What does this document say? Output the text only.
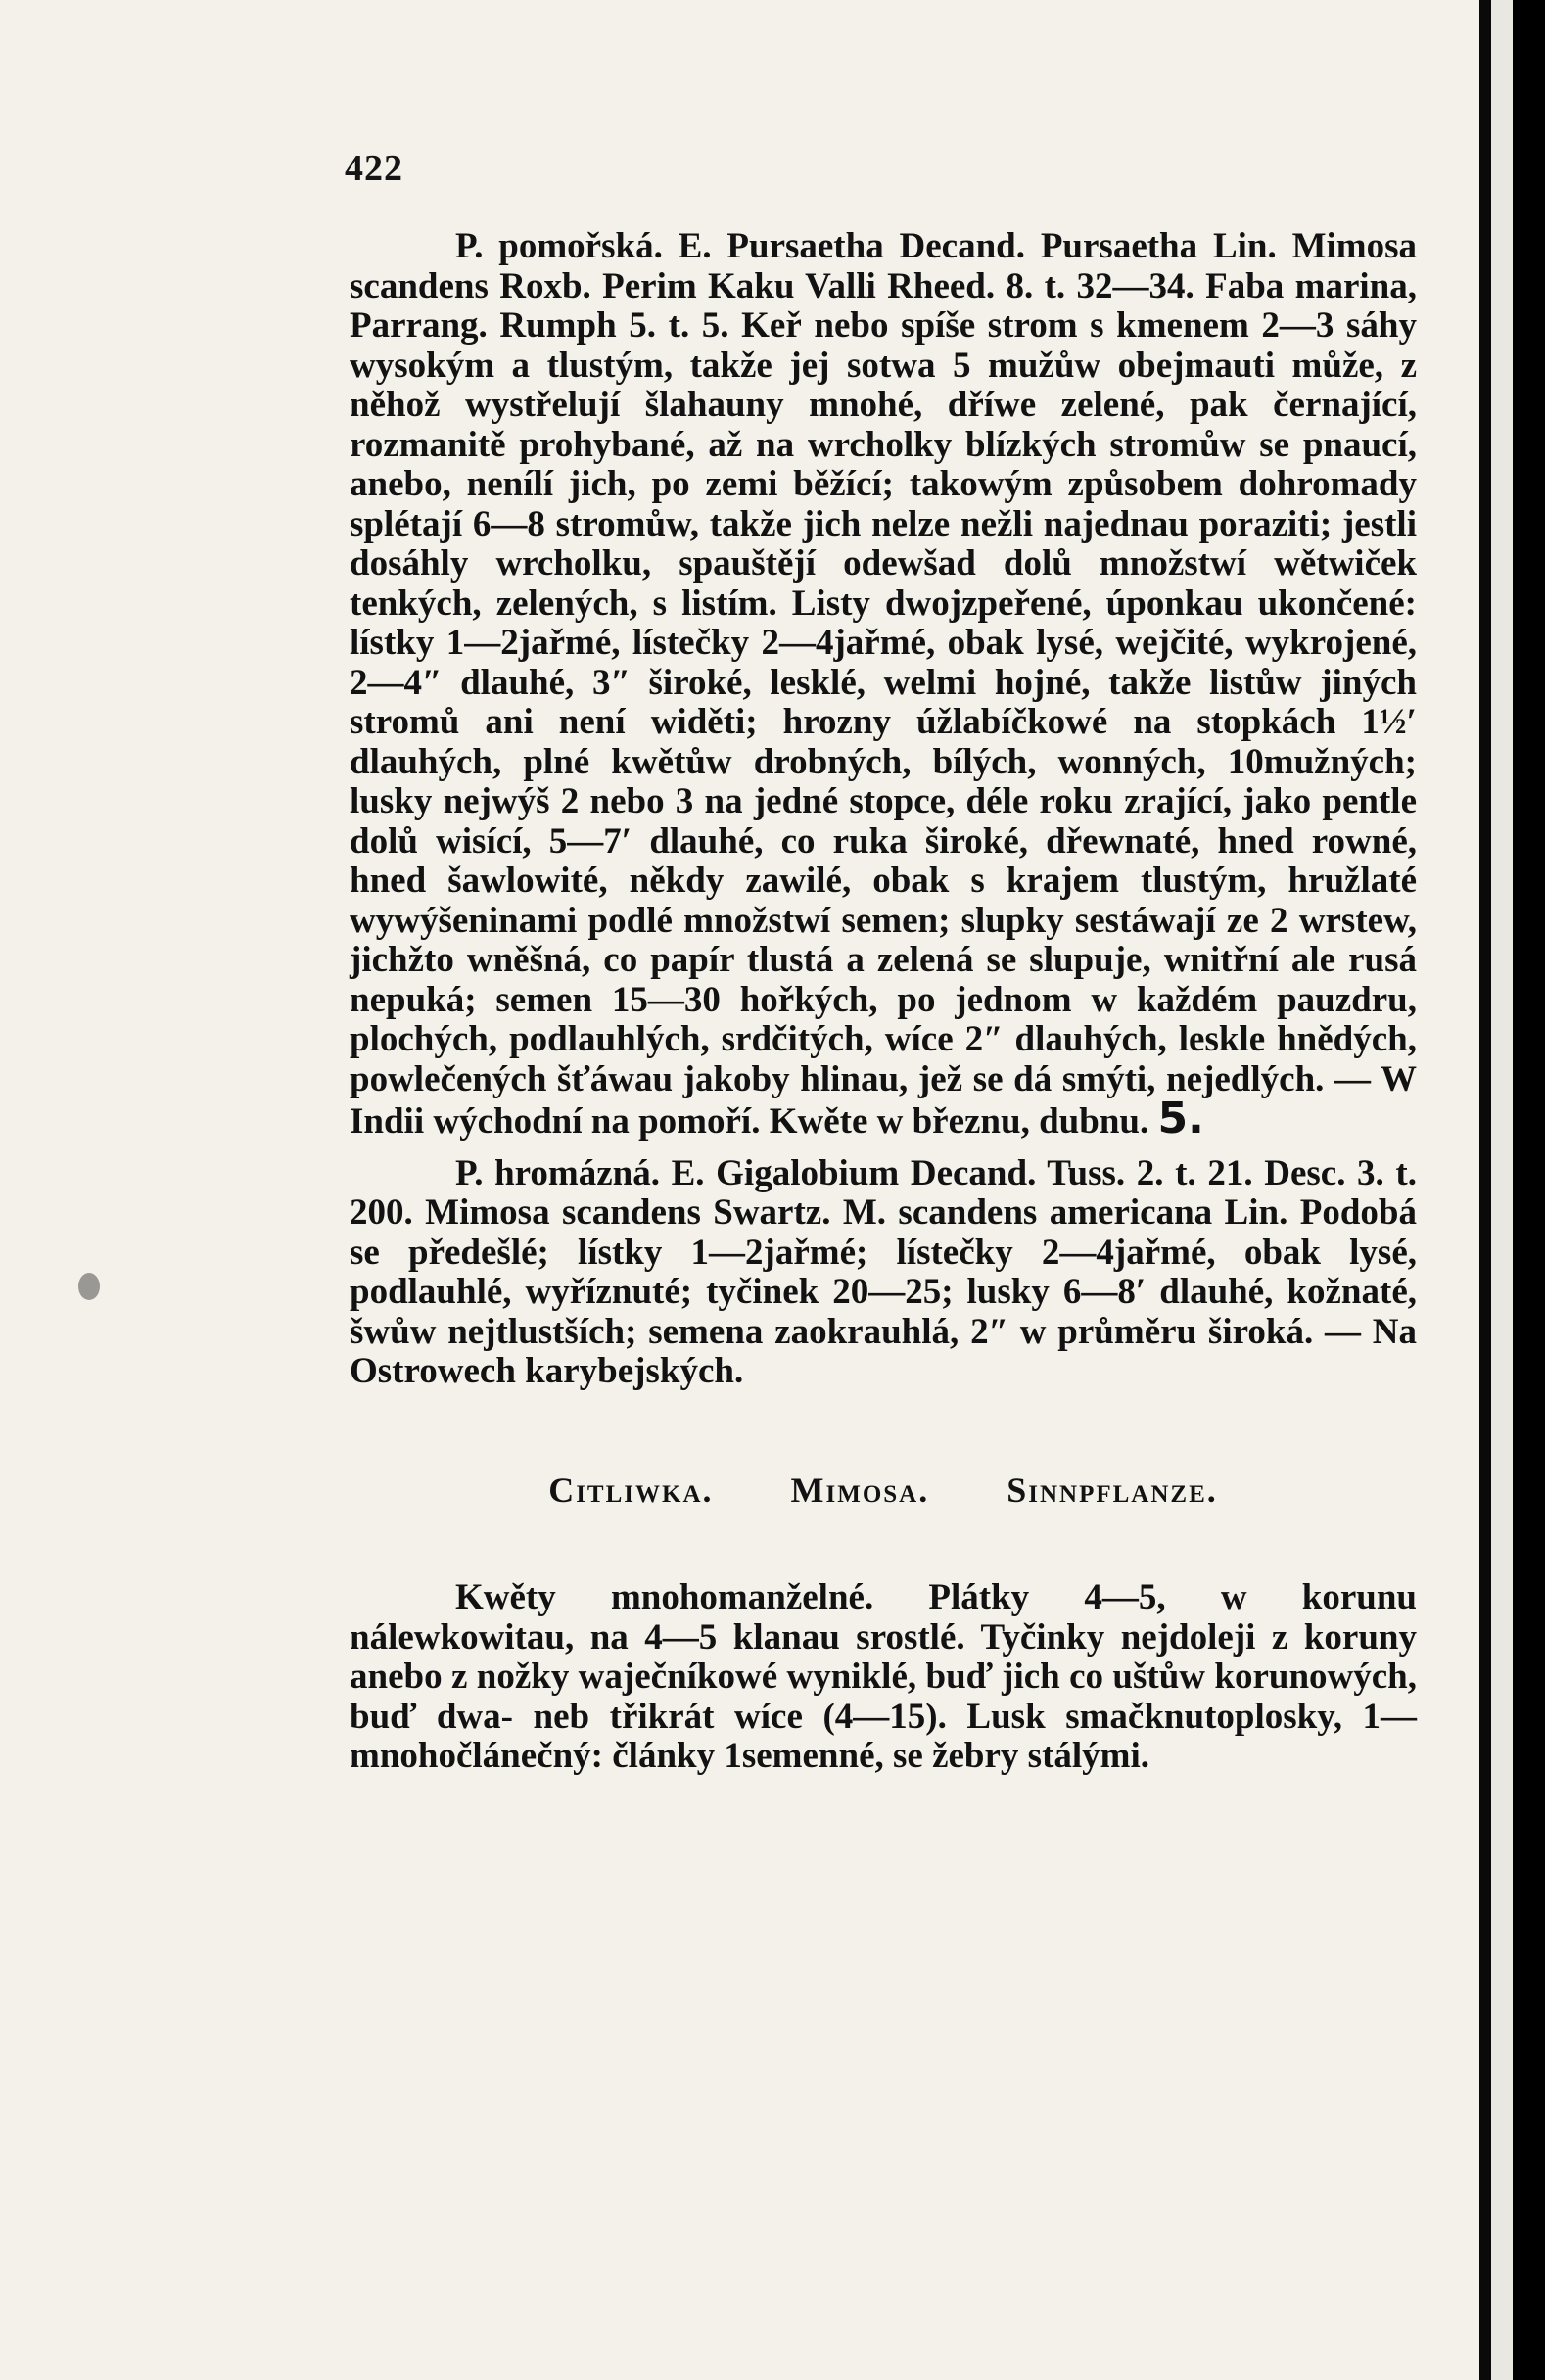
422

P. pomořská. E. Pursaetha Decand. Pursaetha Lin. Mimosa scandens Roxb. Perim Kaku Valli Rheed. 8. t. 32—34. Faba marina, Parrang. Rumph 5. t. 5. Keř nebo spíše strom s kmenem 2—3 sáhy wysokým a tlustým, takže jej sotwa 5 mužůw obejmauti může, z něhož wystřelují šlahauny mnohé, dříwe zelené, pak černající, rozmanitě prohybané, až na wrcholky blízkých stromůw se pnaucí, anebo, nenílí jich, po zemi běžící; takowým způsobem dohromady splétají 6—8 stromůw, takže jich nelze nežli najednau poraziti; jestli dosáhly wrcholku, spauštějí odewšad dolů množstwí wětwiček tenkých, zelených, s listím. Listy dwojzpeřené, úponkau ukončené: lístky 1—2jařmé, lístečky 2—4jařmé, obak lysé, wejčité, wykrojené, 2—4″ dlauhé, 3″ široké, lesklé, welmi hojné, takže listůw jiných stromů ani není widěti; hrozny úžlabíčkowé na stopkách 1½′ dlauhých, plné kwětůw drobných, bílých, wonných, 10mužných; lusky nejwýš 2 nebo 3 na jedné stopce, déle roku zrající, jako pentle dolů wisící, 5—7′ dlauhé, co ruka široké, dřewnaté, hned rowné, hned šawlowité, někdy zawilé, obak s krajem tlustým, hružlaté wywýšeninami podlé množstwí semen; slupky sestáwají ze 2 wrstew, jichžto wněšná, co papír tlustá a zelená se slupuje, wnitřní ale rusá nepuká; semen 15—30 hořkých, po jednom w každém pauzdru, plochých, podlauhlých, srdčitých, wíce 2″ dlauhých, leskle hnědých, powlečených šťáwau jakoby hlinau, jež se dá smýti, nejedlých. — W Indii wýchodní na pomoří. Kwěte w březnu, dubnu. 5.

P. hromázná. E. Gigalobium Decand. Tuss. 2. t. 21. Desc. 3. t. 200. Mimosa scandens Swartz. M. scandens americana Lin. Podobá se předešlé; lístky 1—2jařmé; lístečky 2—4jařmé, obak lysé, podlauhlé, wyříznuté; tyčinek 20—25; lusky 6—8′ dlauhé, kožnaté, šwůw nejtlustších; semena zaokrauhlá, 2″ w průměru široká. — Na Ostrowech karybejských.

Citliwka. Mimosa. Sinnpflanze.

Kwěty mnohomanželné. Plátky 4—5, w korunu nálewkowitau, na 4—5 klanau srostlé. Tyčinky nejdoleji z koruny anebo z nožky waječníkowé wyniklé, buď jich co uštůw korunowých, buď dwa- neb třikrát wíce (4—15). Lusk smačknutoplosky, 1—mnohočlánečný: články 1semenné, se žebry stálými.
